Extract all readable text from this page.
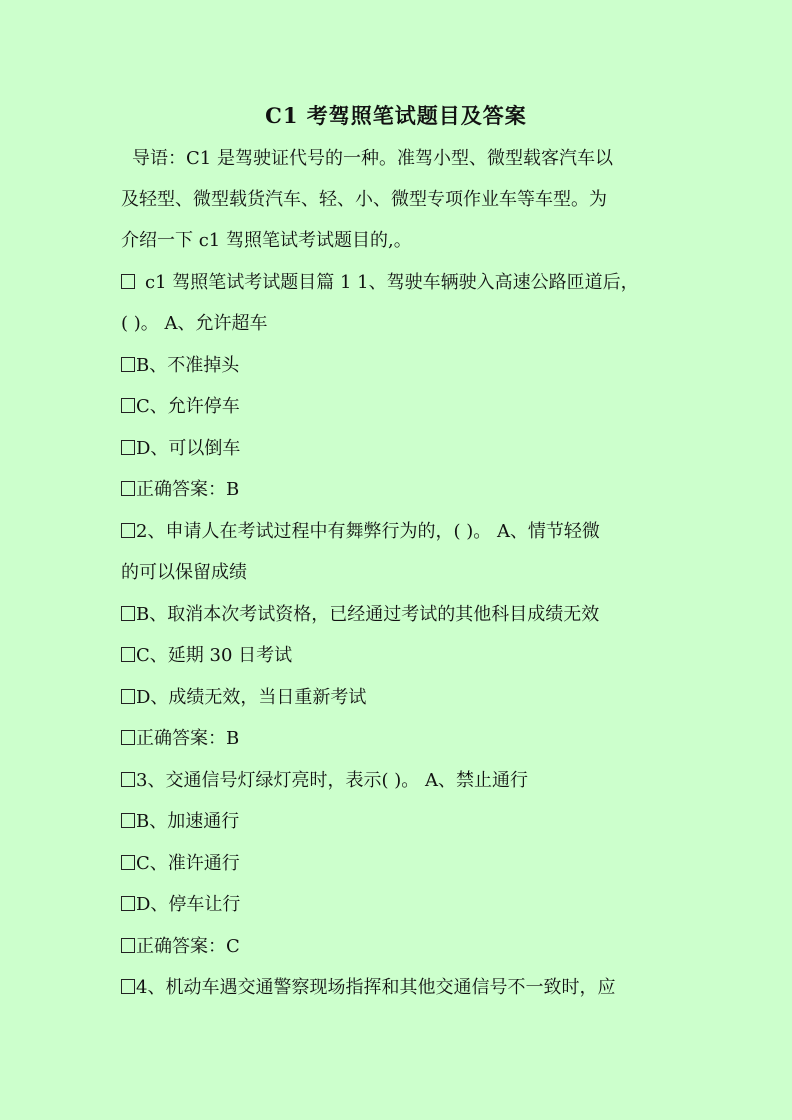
C1 考驾照笔试题目及答案
导语：C1 是驾驶证代号的一种。准驾小型、微型载客汽车以
及轻型、微型载货汽车、轻、小、微型专项作业车等车型。为
介绍一下 c1 驾照笔试考试题目的,。
c1 驾照笔试考试题目篇 1 1、驾驶车辆驶入高速公路匝道后，
( )。 A、允许超车
B、不准掉头
C、允许停车
D、可以倒车
正确答案：B
2、申请人在考试过程中有舞弊行为的，( )。 A、情节轻微
的可以保留成绩
B、取消本次考试资格，已经通过考试的其他科目成绩无效
C、延期 30 日考试
D、成绩无效，当日重新考试
正确答案：B
3、交通信号灯绿灯亮时，表示( )。 A、禁止通行
B、加速通行
C、准许通行
D、停车让行
正确答案：C
4、机动车遇交通警察现场指挥和其他交通信号不一致时，应
